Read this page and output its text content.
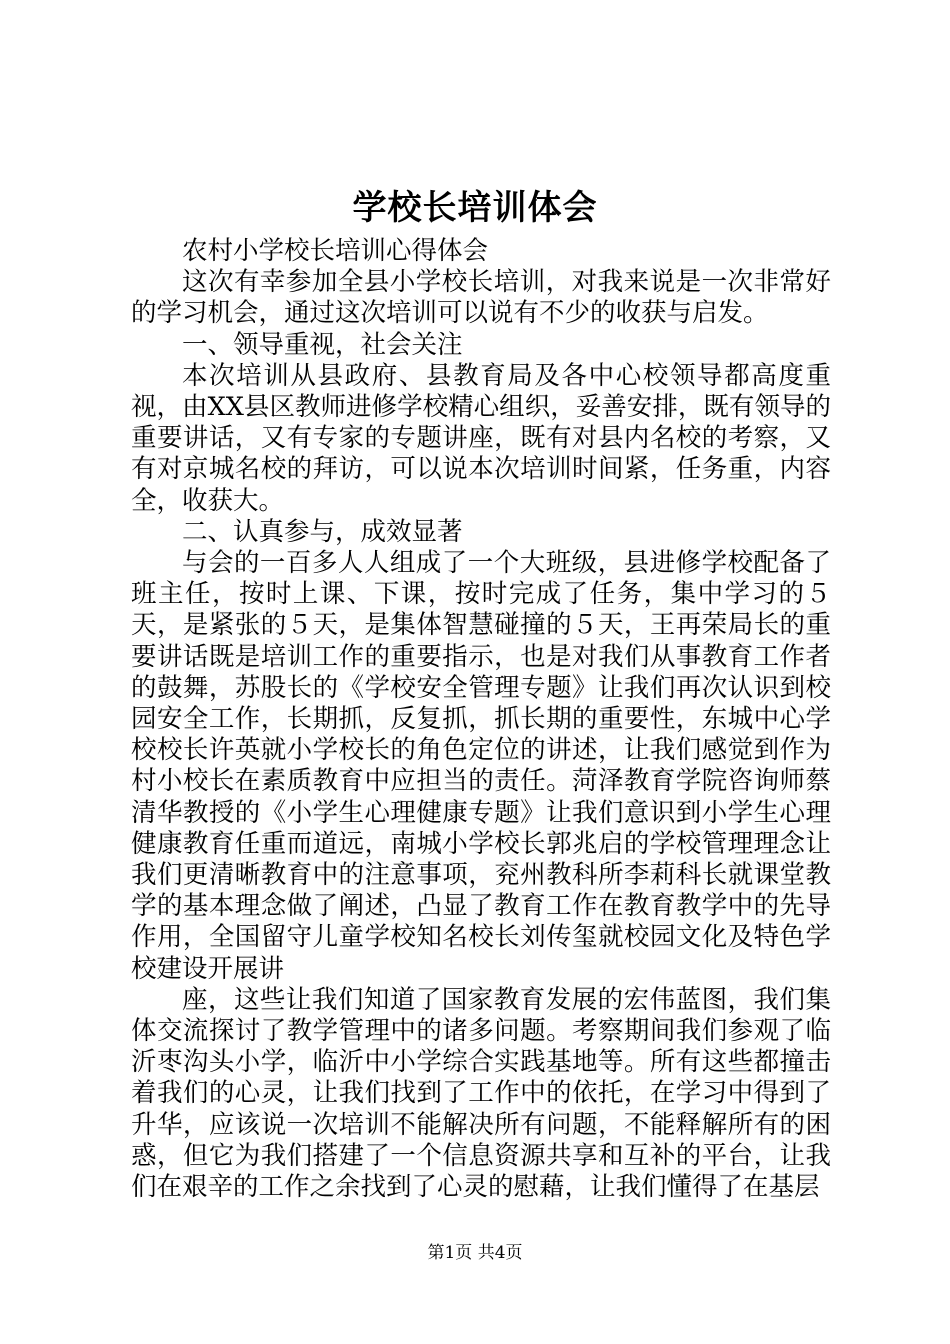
学校长培训体会

农村小学校长培训心得体会

这次有幸参加全县小学校长培训，对我来说是一次非常好的学习机会，通过这次培训可以说有不少的收获与启发。

一、领导重视，社会关注

本次培训从县政府、县教育局及各中心校领导都高度重视，由XX县区教师进修学校精心组织，妥善安排，既有领导的重要讲话，又有专家的专题讲座，既有对县内名校的考察，又有对京城名校的拜访，可以说本次培训时间紧，任务重，内容全，收获大。

二、认真参与，成效显著

与会的一百多人人组成了一个大班级，县进修学校配备了班主任，按时上课、下课，按时完成了任务，集中学习的５天，是紧张的５天，是集体智慧碰撞的５天，王再荣局长的重要讲话既是培训工作的重要指示，也是对我们从事教育工作者的鼓舞，苏股长的《学校安全管理专题》让我们再次认识到校园安全工作，长期抓，反复抓，抓长期的重要性，东城中心学校校长许英就小学校长的角色定位的讲述，让我们感觉到作为村小校长在素质教育中应担当的责任。菏泽教育学院咨询师蔡清华教授的《小学生心理健康专题》让我们意识到小学生心理健康教育任重而道远，南城小学校长郭兆启的学校管理理念让我们更清晰教育中的注意事项，兖州教科所李莉科长就课堂教学的基本理念做了阐述，凸显了教育工作在教育教学中的先导作用，全国留守儿童学校知名校长刘传玺就校园文化及特色学校建设开展讲

座，这些让我们知道了国家教育发展的宏伟蓝图，我们集体交流探讨了教学管理中的诸多问题。考察期间我们参观了临沂枣沟头小学，临沂中小学综合实践基地等。所有这些都撞击着我们的心灵，让我们找到了工作中的依托，在学习中得到了升华，应该说一次培训不能解决所有问题，不能释解所有的困惑，但它为我们搭建了一个信息资源共享和互补的平台，让我们在艰辛的工作之余找到了心灵的慰藉，让我们懂得了在基层

第1页 共4页
